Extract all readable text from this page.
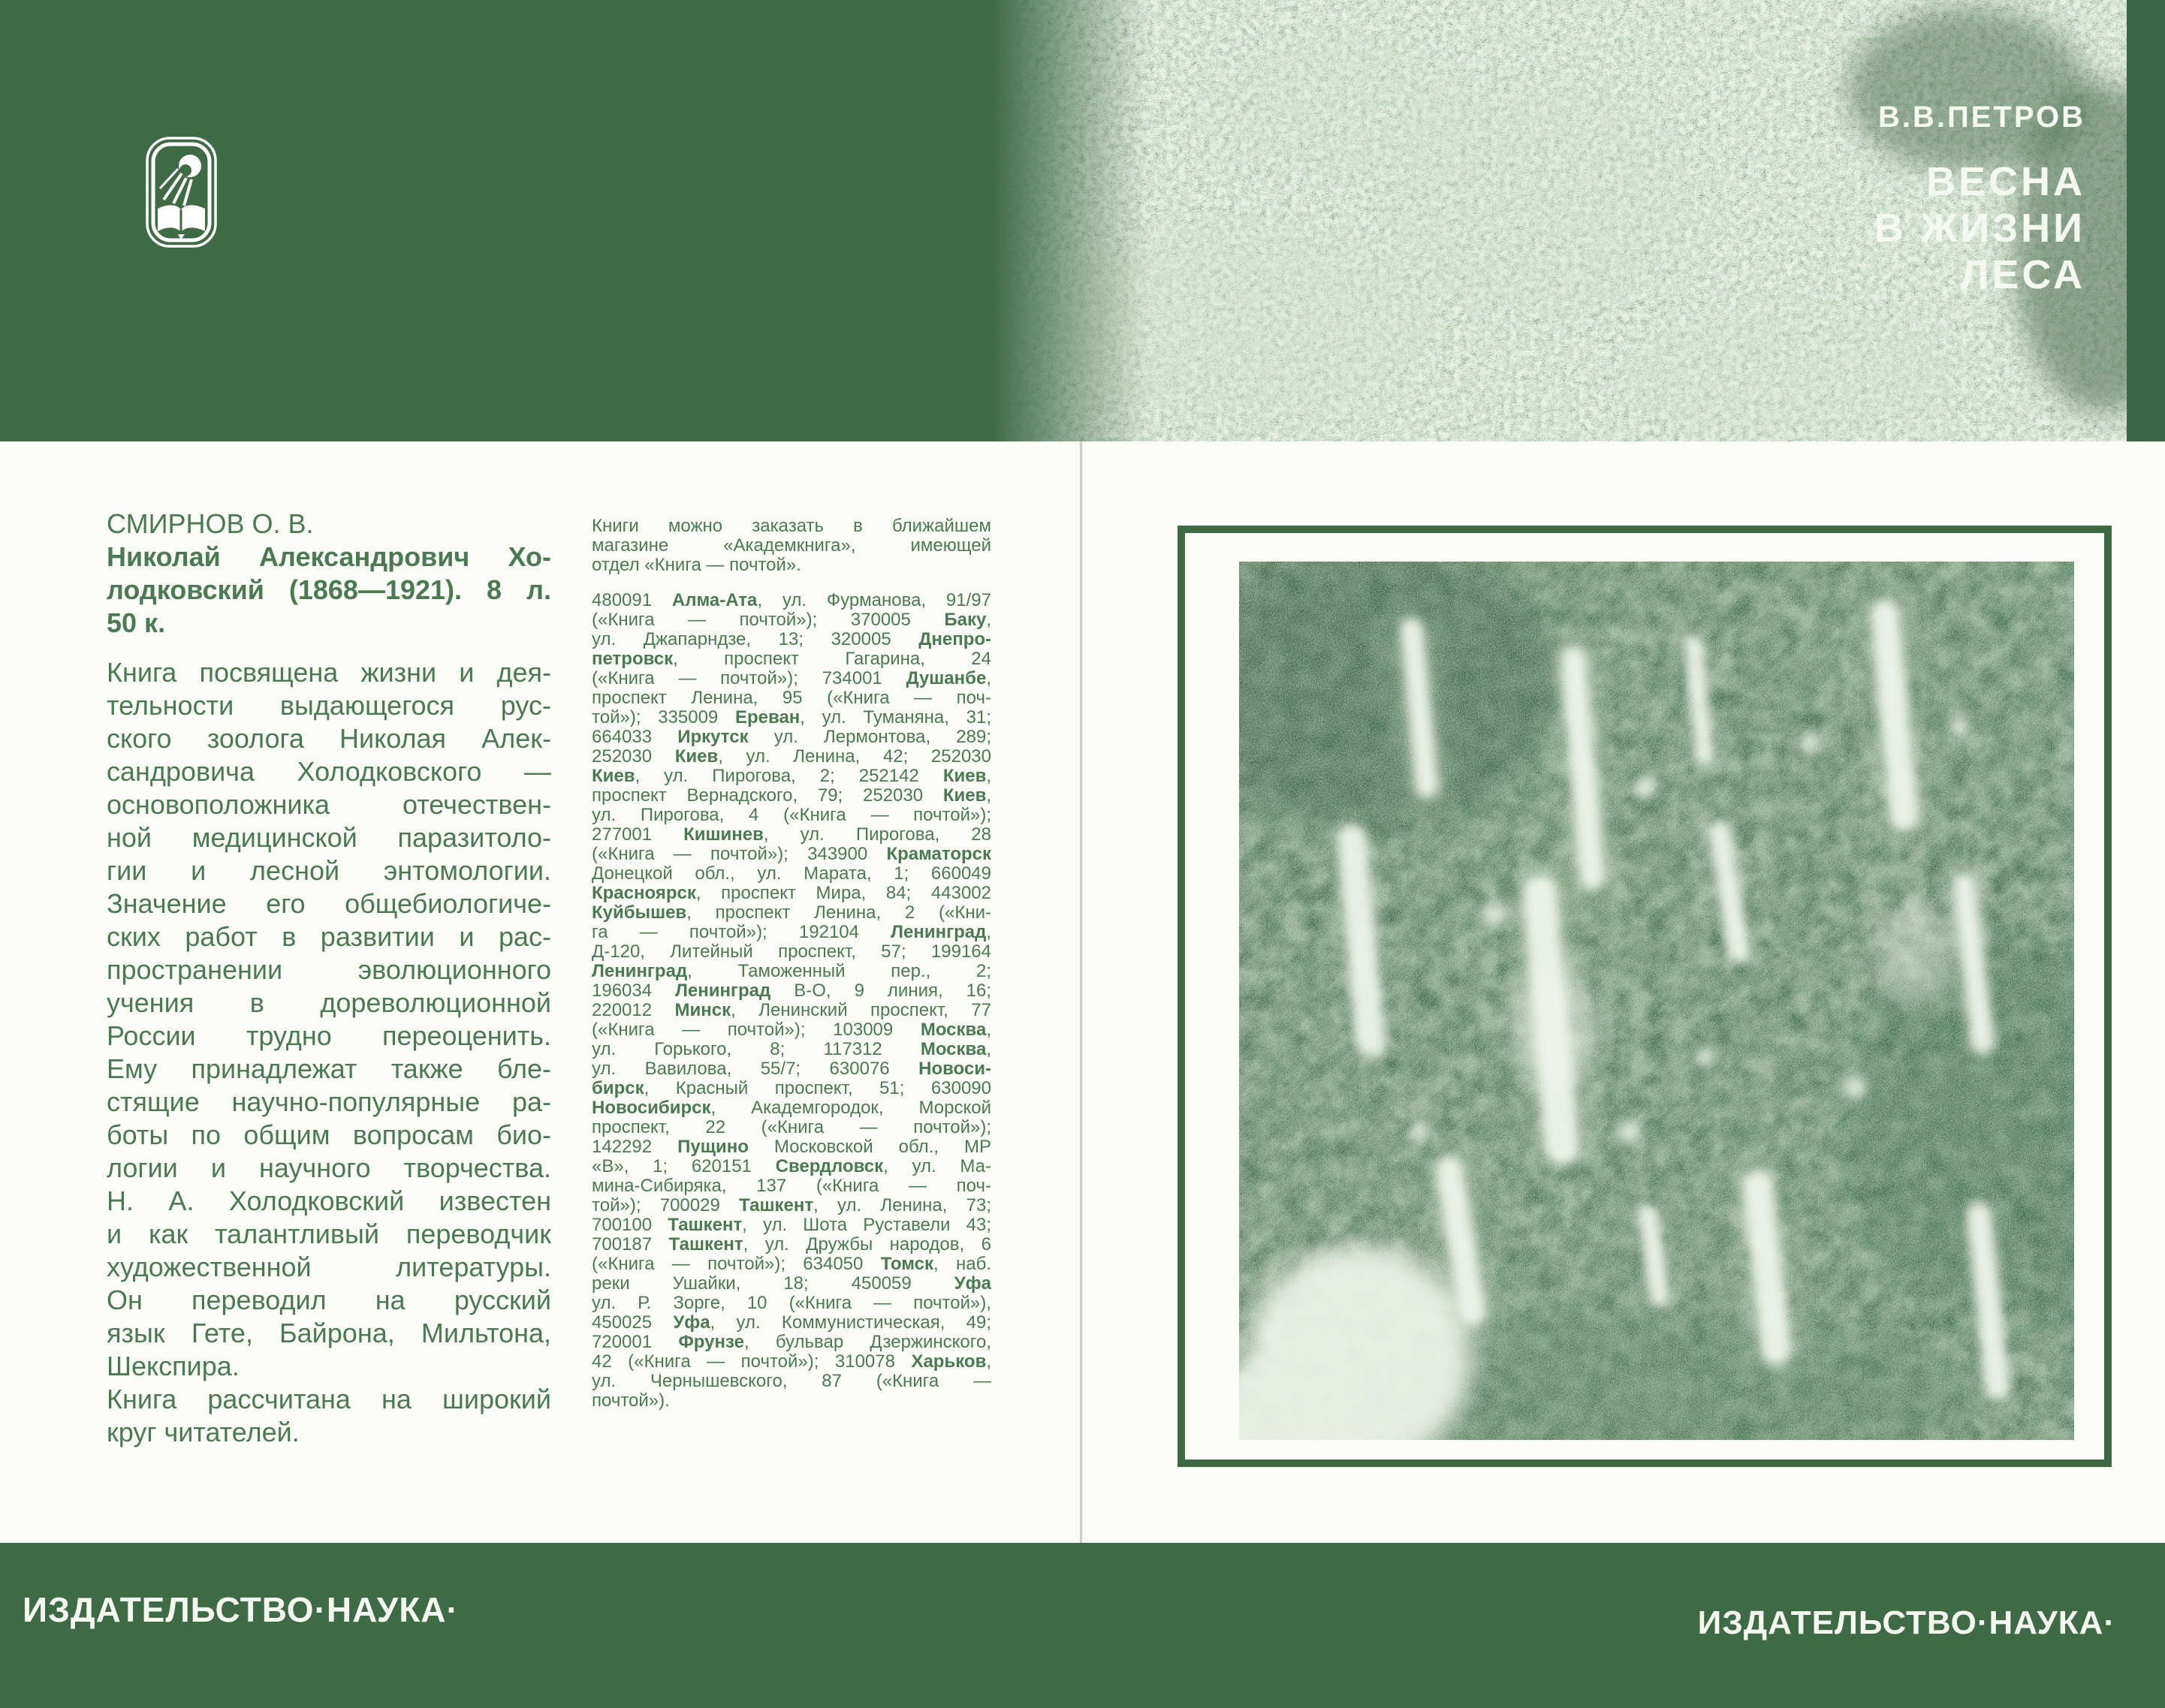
В.В.ПЕТРОВ
ВЕСНА
В ЖИЗНИ
ЛЕСА
СМИРНОВ О. В.
Николай Александрович Хо-
лодковский (1868—1921). 8 л.
50 к.
Книга посвящена жизни и дея-
тельности выдающегося рус-
ского зоолога Николая Алек-
сандровича Холодковского —
основоположника отечествен-
ной медицинской паразитоло-
гии и лесной энтомологии.
Значение его общебиологиче-
ских работ в развитии и рас-
пространении эволюционного
учения в дореволюционной
России трудно переоценить.
Ему принадлежат также бле-
стящие научно-популярные ра-
боты по общим вопросам био-
логии и научного творчества.
Н. А. Холодковский известен
и как талантливый переводчик
художественной литературы.
Он переводил на русский
язык Гете, Байрона, Мильтона,
Шекспира.
Книга рассчитана на широкий
круг читателей.
Книги можно заказать в ближайшем
магазине «Академкнига», имеющей
отдел «Книга — почтой».
480091 Алма-Ата, ул. Фурманова, 91/97
(«Книга — почтой»); 370005 Баку,
ул. Джапарндзе, 13; 320005 Днепро-
петровск, проспект Гагарина, 24
(«Книга — почтой»); 734001 Душанбе,
проспект Ленина, 95 («Книга — поч-
той»); 335009 Ереван, ул. Туманяна, 31;
664033 Иркутск ул. Лермонтова, 289;
252030 Киев, ул. Ленина, 42; 252030
Киев, ул. Пирогова, 2; 252142 Киев,
проспект Вернадского, 79; 252030 Киев,
ул. Пирогова, 4 («Книга — почтой»);
277001 Кишинев, ул. Пирогова, 28
(«Книга — почтой»); 343900 Краматорск
Донецкой обл., ул. Марата, 1; 660049
Красноярск, проспект Мира, 84; 443002
Куйбышев, проспект Ленина, 2 («Кни-
га — почтой»); 192104 Ленинград,
Д-120, Литейный проспект, 57; 199164
Ленинград, Таможенный пер., 2;
196034 Ленинград В-О, 9 линия, 16;
220012 Минск, Ленинский проспект, 77
(«Книга — почтой»); 103009 Москва,
ул. Горького, 8; 117312 Москва,
ул. Вавилова, 55/7; 630076 Новоси-
бирск, Красный проспект, 51; 630090
Новосибирск, Академгородок, Морской
проспект, 22 («Книга — почтой»);
142292 Пущино Московской обл., МР
«В», 1; 620151 Свердловск, ул. Ма-
мина-Сибиряка, 137 («Книга — поч-
той»); 700029 Ташкент, ул. Ленина, 73;
700100 Ташкент, ул. Шота Руставели 43;
700187 Ташкент, ул. Дружбы народов, 6
(«Книга — почтой»); 634050 Томск, наб.
реки Ушайки, 18; 450059 Уфа
ул. Р. Зорге, 10 («Книга — почтой»),
450025 Уфа, ул. Коммунистическая, 49;
720001 Фрунзе, бульвар Дзержинского,
42 («Книга — почтой»); 310078 Харьков,
ул. Чернышевского, 87 («Книга —
почтой»).
ИЗДАТЕЛЬСТВО·НАУКА·	ИЗДАТЕЛЬСТВО·НАУКА·
